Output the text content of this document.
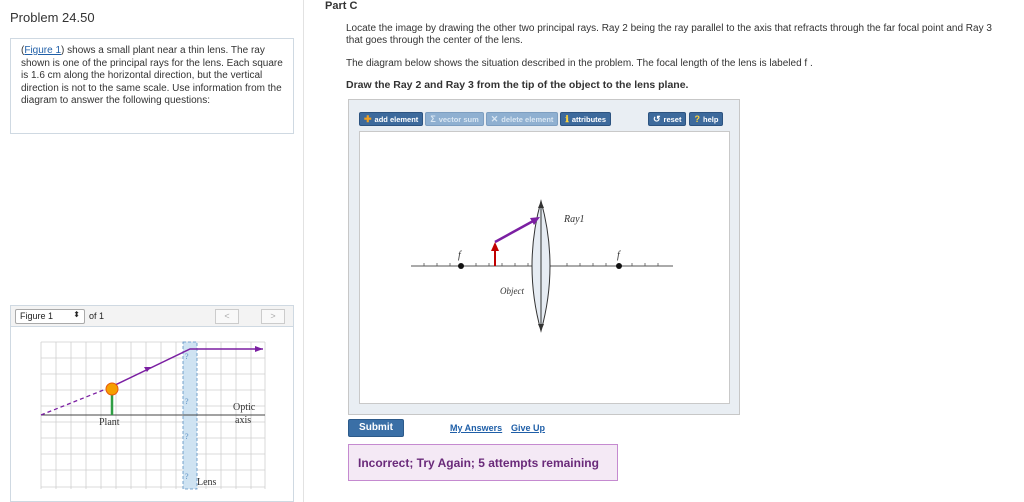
Problem 24.50
(Figure 1) shows a small plant near a thin lens. The ray shown is one of the principal rays for the lens. Each square is 1.6 cm along the horizontal direction, but the vertical direction is not to the same scale. Use information from the diagram to answer the following questions:
Figure 1	⬍ of 1	<	>
Plant
Optic
axis
Lens
?
?
?
?
Part C
Locate the image by drawing the other two principal rays. Ray 2 being the ray parallel to the axis that refracts through the far focal point and Ray 3 that goes through the center of the lens.
The diagram below shows the situation described in the problem. The focal length of the lens is labeled f .
Draw the Ray 2 and Ray 3 from the tip of the object to the lens plane.
✚ add element Σ vector sum ✕ delete element ℹ attributes	↺ reset ? help
f	f
Object
Ray1
Submit	My Answers Give Up
Incorrect; Try Again; 5 attempts remaining
